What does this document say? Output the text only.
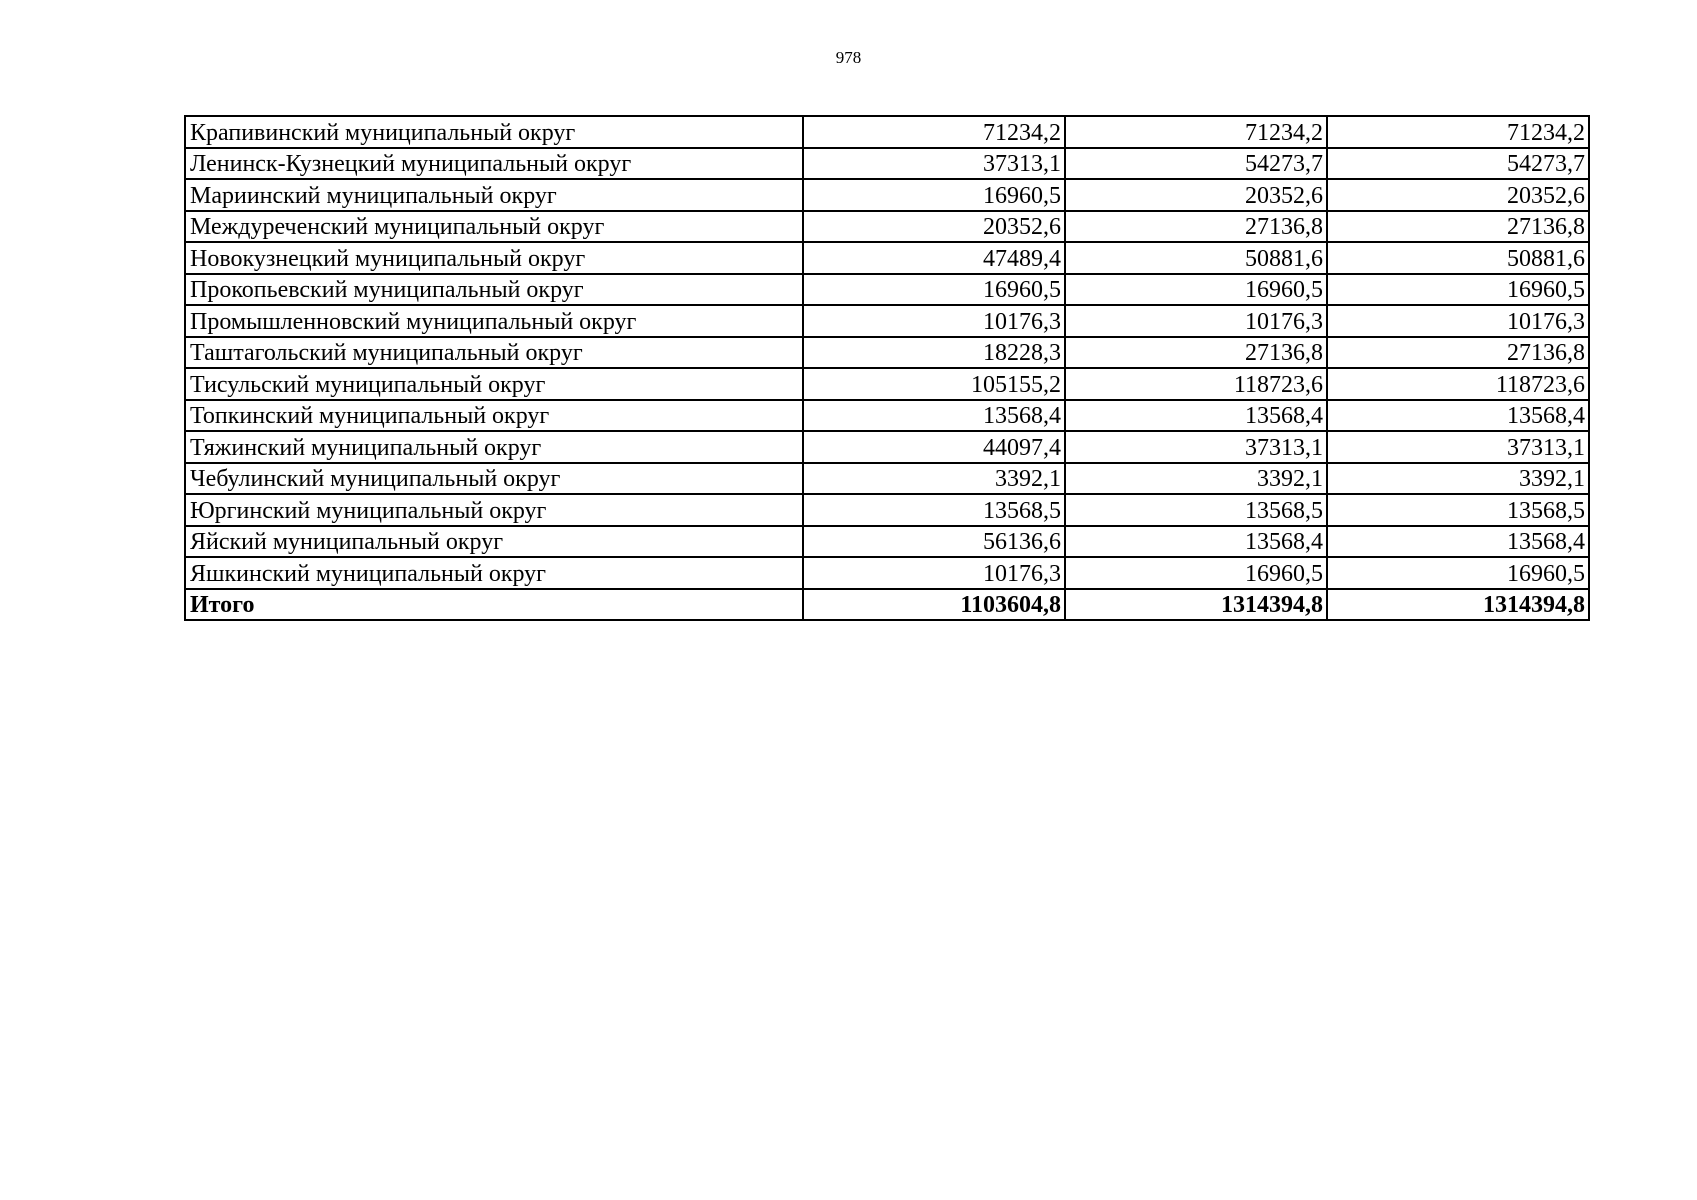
978
Крапивинский муниципальный округ	71234,2	71234,2	71234,2
Ленинск-Кузнецкий муниципальный округ	37313,1	54273,7	54273,7
Мариинский муниципальный округ	16960,5	20352,6	20352,6
Междуреченский муниципальный округ	20352,6	27136,8	27136,8
Новокузнецкий муниципальный округ	47489,4	50881,6	50881,6
Прокопьевский муниципальный округ	16960,5	16960,5	16960,5
Промышленновский муниципальный округ	10176,3	10176,3	10176,3
Таштагольский муниципальный округ	18228,3	27136,8	27136,8
Тисульский муниципальный округ	105155,2	118723,6	118723,6
Топкинский муниципальный округ	13568,4	13568,4	13568,4
Тяжинский муниципальный округ	44097,4	37313,1	37313,1
Чебулинский муниципальный округ	3392,1	3392,1	3392,1
Юргинский муниципальный округ	13568,5	13568,5	13568,5
Яйский муниципальный округ	56136,6	13568,4	13568,4
Яшкинский муниципальный округ	10176,3	16960,5	16960,5
Итого	1103604,8	1314394,8	1314394,8
